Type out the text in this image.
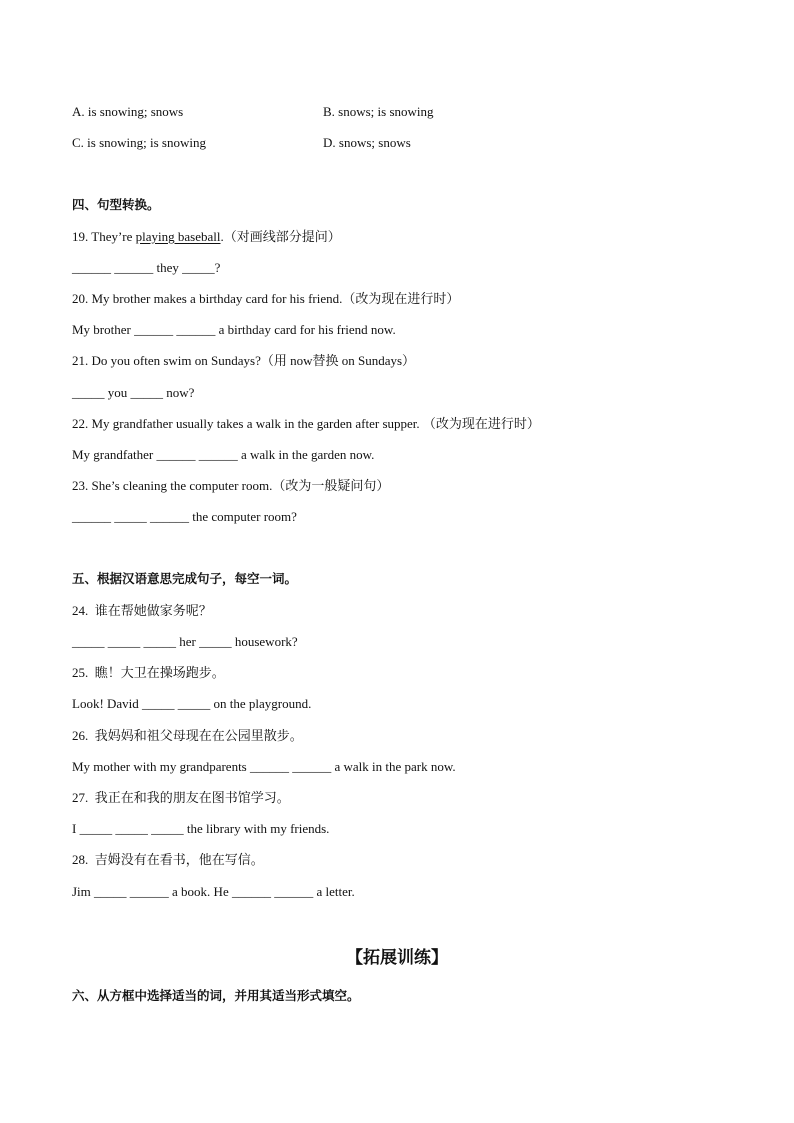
A. is snowing; snows	B. snows; is snowing
C. is snowing; is snowing	D. snows; snows
四、句型转换。
19. They’re playing baseball.（对画线部分提问）
______ ______ they _____?
20. My brother makes a birthday card for his friend.（改为现在进行时）
My brother ______ ______ a birthday card for his friend now.
21. Do you often swim on Sundays?（用 now替换 on Sundays）
_____ you _____ now?
22. My grandfather usually takes a walk in the garden after supper. （改为现在进行时）
My grandfather ______ ______ a walk in the garden now.
23. She’s cleaning the computer room.（改为一般疑问句）
______ _____ ______ the computer room?
五、根据汉语意思完成句子，每空一词。
24.  谁在帮她做家务呢？
_____ _____ _____ her _____ housework?
25.  瞧！大卫在操场跑步。
Look! David _____ _____ on the playground.
26.  我妈妈和祖父母现在在公园里散步。
My mother with my grandparents ______ ______ a walk in the park now.
27.  我正在和我的朋友在图书馆学习。
I _____ _____ _____ the library with my friends.
28.  吉姆没有在看书，他在写信。
Jim _____ ______ a book. He ______ ______ a letter.
【拓展训练】
六、从方框中选择适当的词，并用其适当形式填空。
